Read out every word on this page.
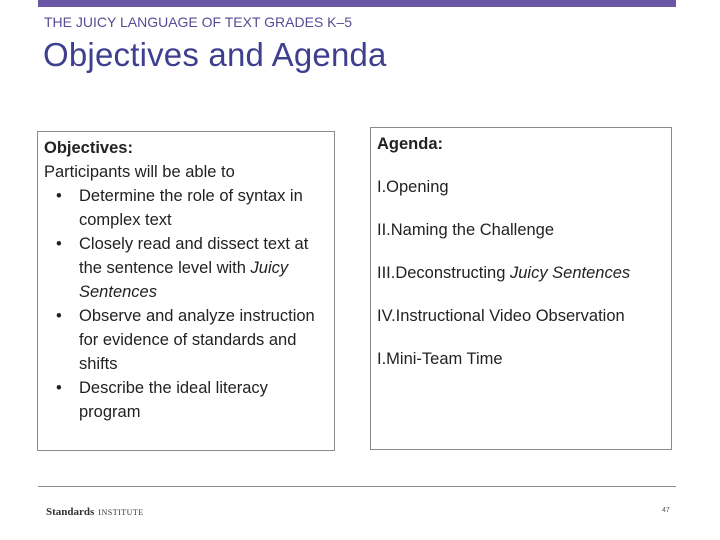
THE JUICY LANGUAGE OF TEXT GRADES K–5
Objectives and Agenda
Objectives:
Participants will be able to
• Determine the role of syntax in complex text
• Closely read and dissect text at the sentence level with Juicy Sentences
• Observe and analyze instruction for evidence of standards and shifts
• Describe the ideal literacy program
Agenda:
I.Opening
II.Naming the Challenge
III.Deconstructing Juicy Sentences
IV.Instructional Video Observation
I.Mini-Team Time
Standards INSTITUTE	47
